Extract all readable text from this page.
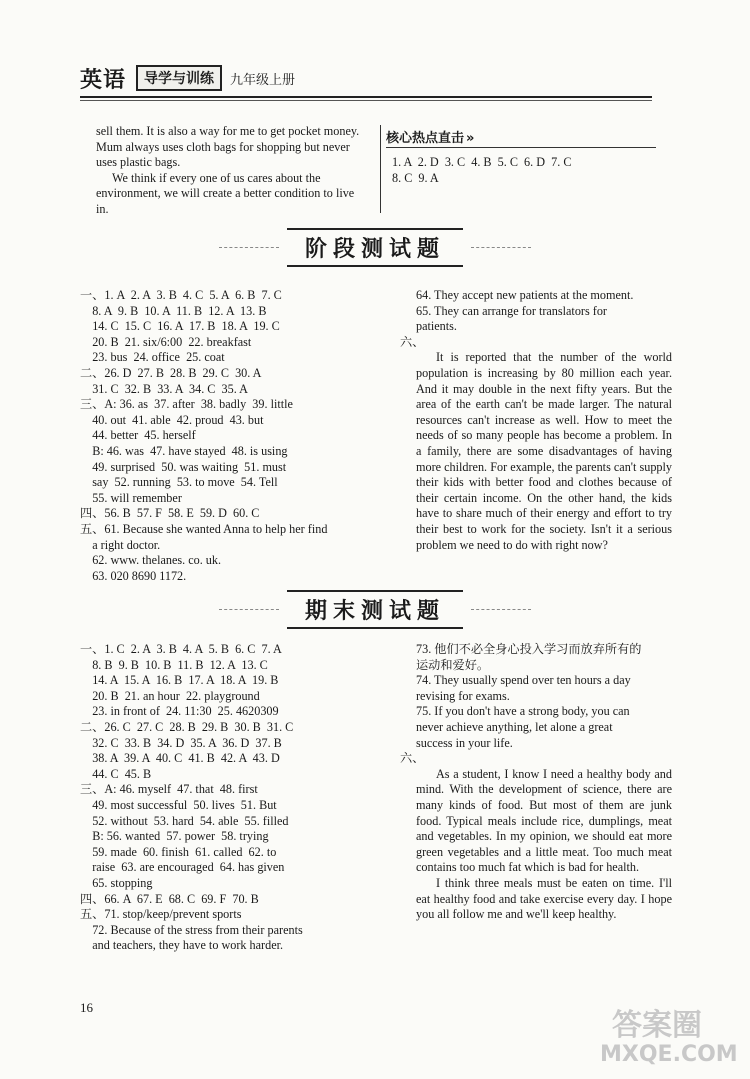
英语	导学与训练	九年级上册

sell them. It is also a way for me to get pocket money. Mum always uses cloth bags for shopping but never uses plastic bags.

We think if every one of us cares about the environment, we will create a better condition to live in.

核心热点直击 »

1. A  2. D  3. C  4. B  5. C  6. D  7. C

8. C  9. A

阶段测试题

一、1. A  2. A  3. B  4. C  5. A  6. B  7. C

8. A  9. B  10. A  11. B  12. A  13. B

14. C  15. C  16. A  17. B  18. A  19. C

20. B  21. six/6:00  22. breakfast

23. bus  24. office  25. coat

二、26. D  27. B  28. B  29. C  30. A

31. C  32. B  33. A  34. C  35. A

三、A: 36. as  37. after  38. badly  39. little

40. out  41. able  42. proud  43. but

44. better  45. herself

B: 46. was  47. have stayed  48. is using

49. surprised  50. was waiting  51. must

say  52. running  53. to move  54. Tell

55. will remember

四、56. B  57. F  58. E  59. D  60. C

五、61. Because she wanted Anna to help her find

a right doctor.

62. www. thelanes. co. uk.

63. 020 8690 1172.

64. They accept new patients at the moment.

65. They can arrange for translators for

patients.

六、

It is reported that the number of the world population is increasing by 80 million each year. And it may double in the next fifty years. But the area of the earth can't be made larger. The natural resources can't increase as well. How to meet the needs of so many people has become a problem. In a family, there are some disadvantages of having more children. For example, the parents can't supply their kids with better food and clothes because of their certain income. On the other hand, the kids have to share much of their energy and effort to try their best to work for the society. Isn't it a serious problem we need to do with right now?

期末测试题

一、1. C  2. A  3. B  4. A  5. B  6. C  7. A

8. B  9. B  10. B  11. B  12. A  13. C

14. A  15. A  16. B  17. A  18. A  19. B

20. B  21. an hour  22. playground

23. in front of  24. 11:30  25. 4620309

二、26. C  27. C  28. B  29. B  30. B  31. C

32. C  33. B  34. D  35. A  36. D  37. B

38. A  39. A  40. C  41. B  42. A  43. D

44. C  45. B

三、A: 46. myself  47. that  48. first

49. most successful  50. lives  51. But

52. without  53. hard  54. able  55. filled

B: 56. wanted  57. power  58. trying

59. made  60. finish  61. called  62. to

raise  63. are encouraged  64. has given

65. stopping

四、66. A  67. E  68. C  69. F  70. B

五、71. stop/keep/prevent sports

72. Because of the stress from their parents

and teachers, they have to work harder.

73. 他们不必全身心投入学习而放弃所有的

运动和爱好。

74. They usually spend over ten hours a day

revising for exams.

75. If you don't have a strong body, you can

never achieve anything, let alone a great

success in your life.

六、

As a student, I know I need a healthy body and mind. With the development of science, there are many kinds of food. But most of them are junk food. Typical meals include rice, dumplings, meat and vegetables. In my opinion, we should eat more green vegetables and a little meat. Too much meat contains too much fat which is bad for health.

I think three meals must be eaten on time. I'll eat healthy food and take exercise every day. I hope you all follow me and we'll keep healthy.

16
答案圈
MXQE.COM
